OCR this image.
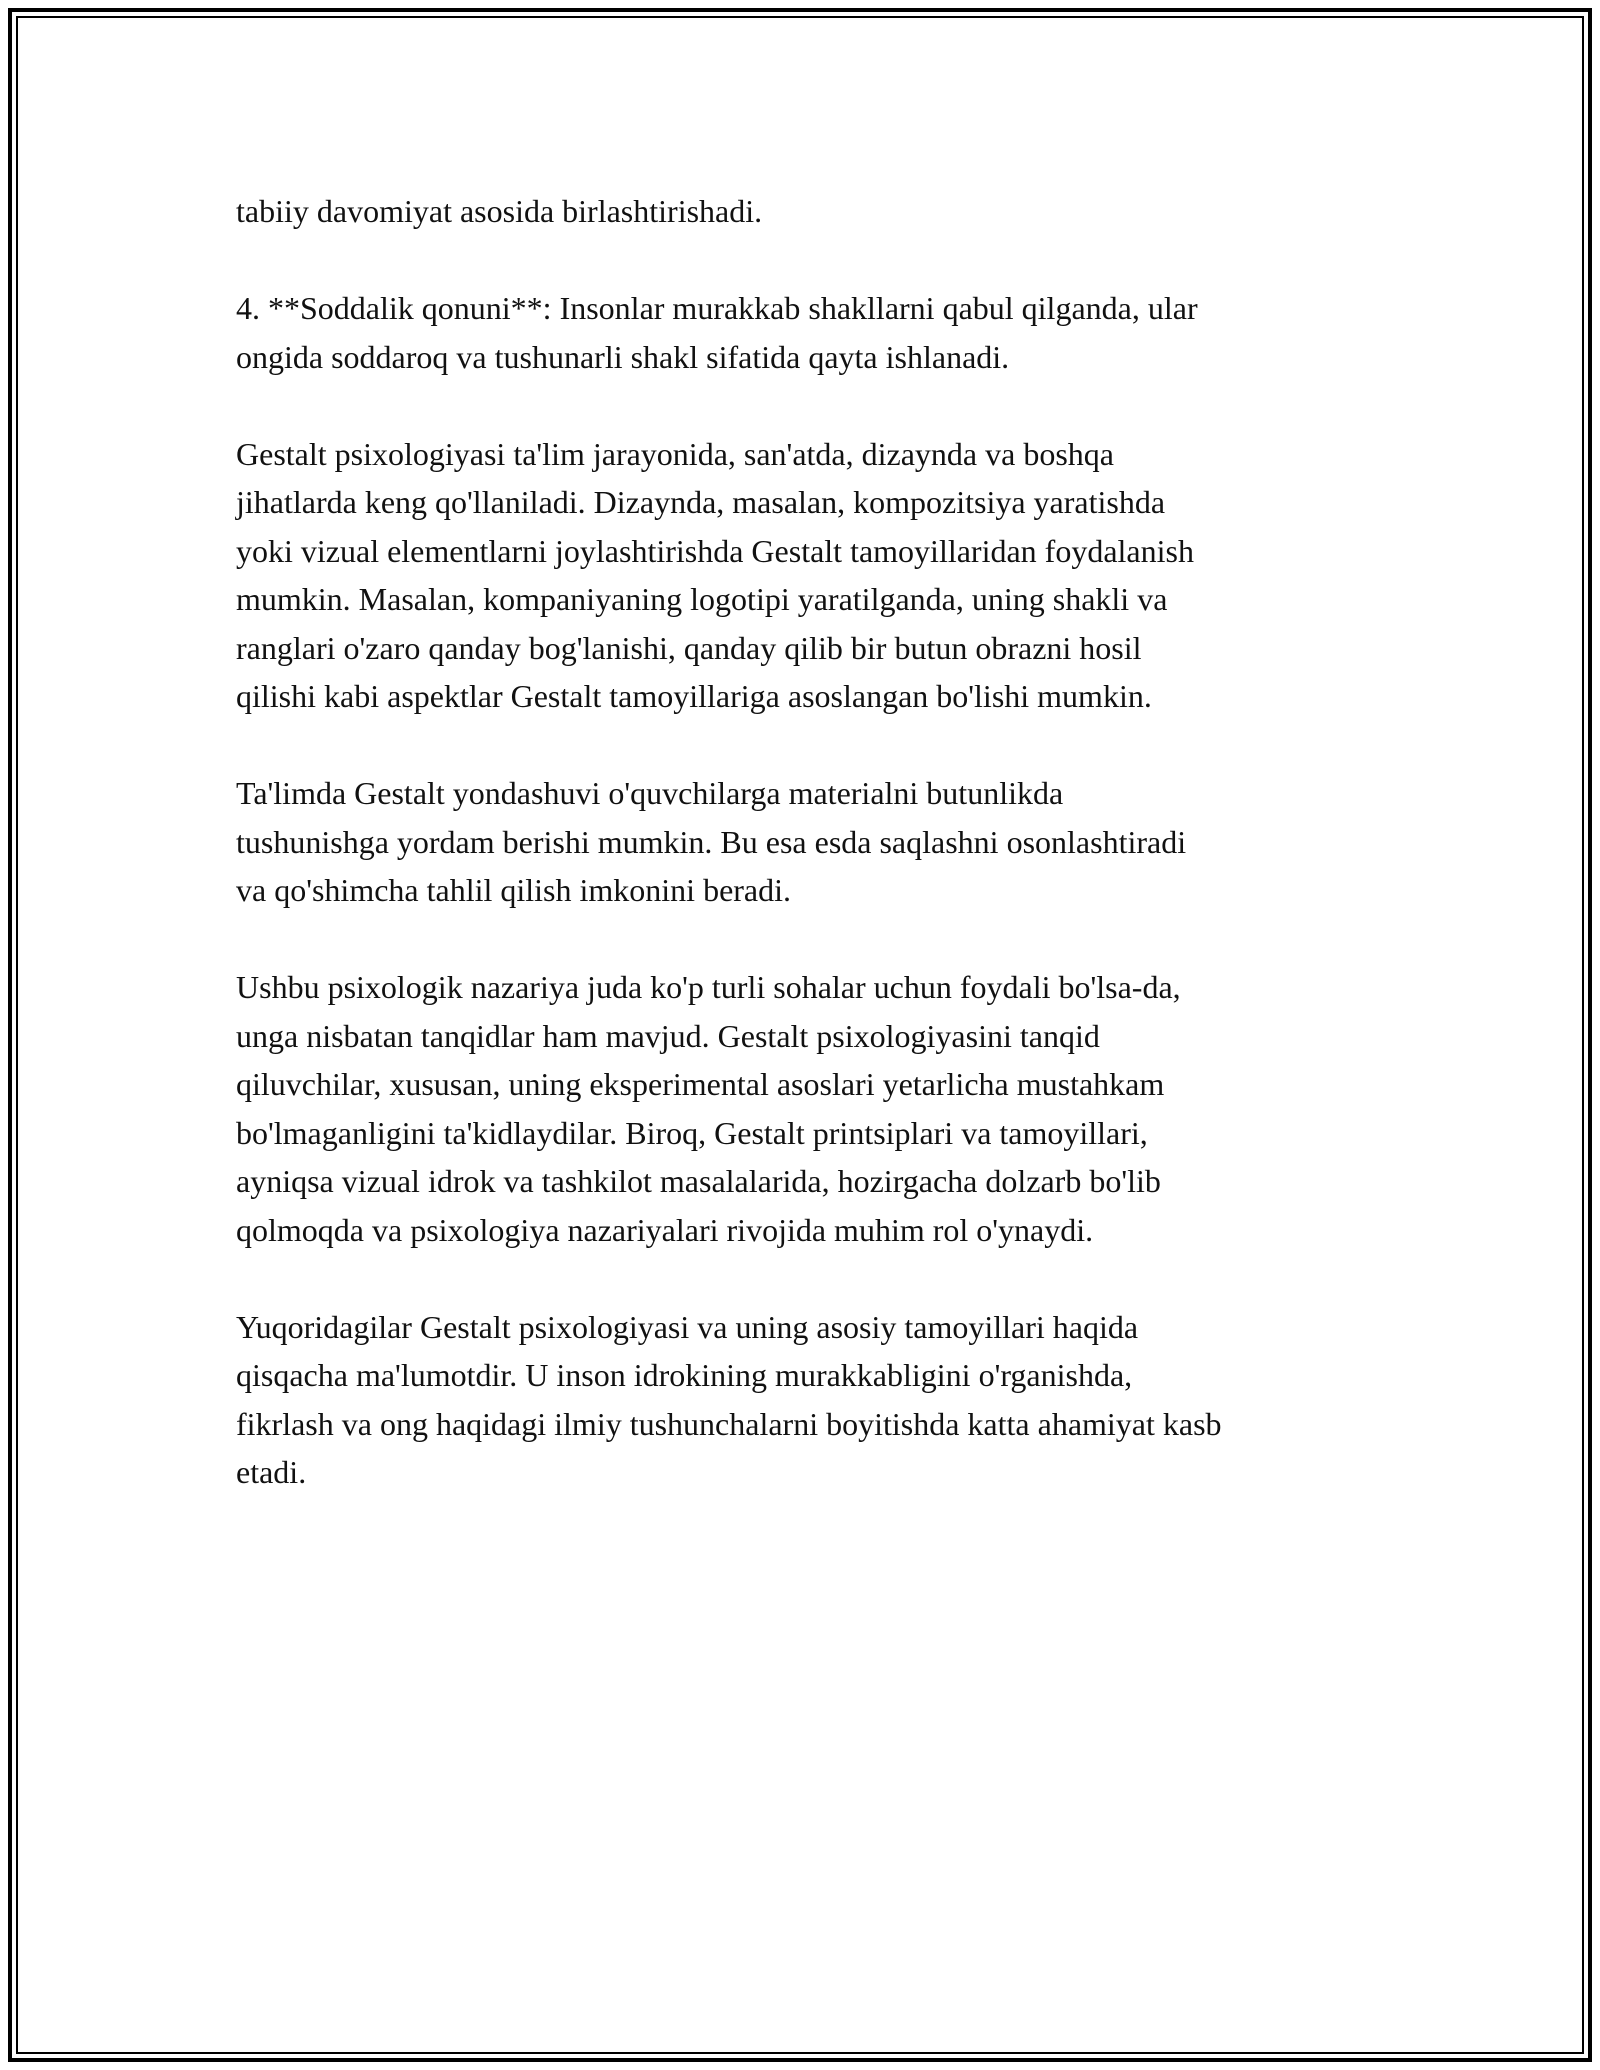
tabiiy davomiyat asosida birlashtirishadi.

4. **Soddalik qonuni**: Insonlar murakkab shakllarni qabul qilganda, ular
ongida soddaroq va tushunarli shakl sifatida qayta ishlanadi.

Gestalt psixologiyasi ta'lim jarayonida, san'atda, dizaynda va boshqa
jihatlarda keng qo'llaniladi. Dizaynda, masalan, kompozitsiya yaratishda
yoki vizual elementlarni joylashtirishda Gestalt tamoyillaridan foydalanish
mumkin. Masalan, kompaniyaning logotipi yaratilganda, uning shakli va
ranglari o'zaro qanday bog'lanishi, qanday qilib bir butun obrazni hosil
qilishi kabi aspektlar Gestalt tamoyillariga asoslangan bo'lishi mumkin.

Ta'limda Gestalt yondashuvi o'quvchilarga materialni butunlikda
tushunishga yordam berishi mumkin. Bu esa esda saqlashni osonlashtiradi
va qo'shimcha tahlil qilish imkonini beradi.

Ushbu psixologik nazariya juda ko'p turli sohalar uchun foydali bo'lsa-da,
unga nisbatan tanqidlar ham mavjud. Gestalt psixologiyasini tanqid
qiluvchilar, xususan, uning eksperimental asoslari yetarlicha mustahkam
bo'lmaganligini ta'kidlaydilar. Biroq, Gestalt printsiplari va tamoyillari,
ayniqsa vizual idrok va tashkilot masalalarida, hozirgacha dolzarb bo'lib
qolmoqda va psixologiya nazariyalari rivojida muhim rol o'ynaydi.

Yuqoridagilar Gestalt psixologiyasi va uning asosiy tamoyillari haqida
qisqacha ma'lumotdir. U inson idrokining murakkabligini o'rganishda,
fikrlash va ong haqidagi ilmiy tushunchalarni boyitishda katta ahamiyat kasb
etadi.
